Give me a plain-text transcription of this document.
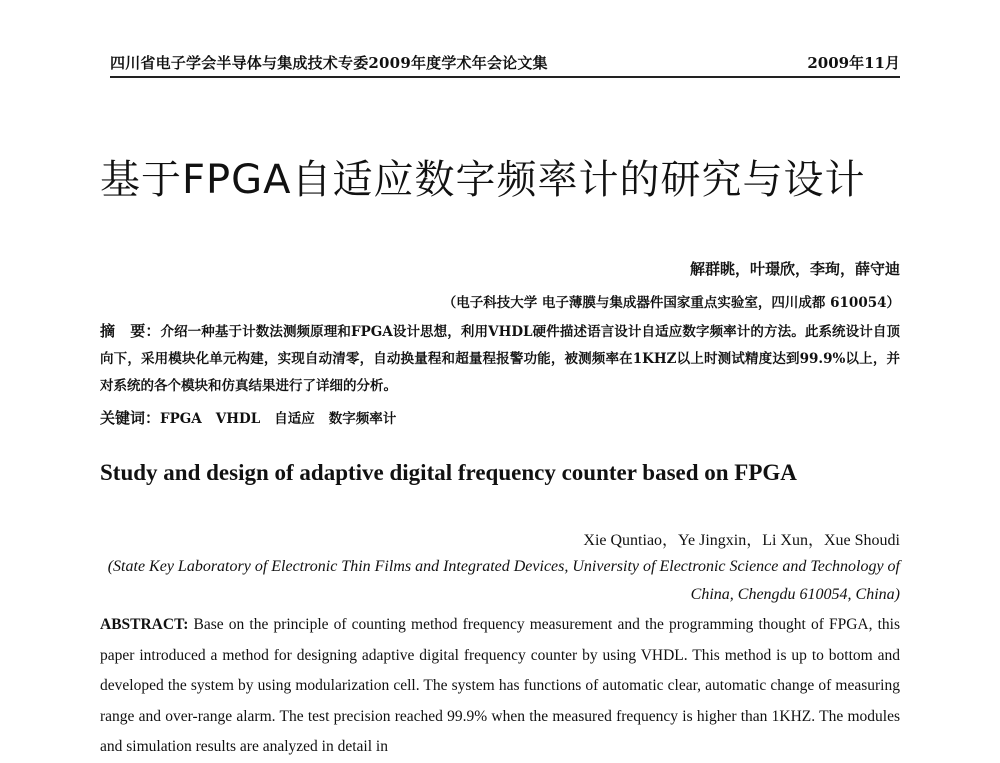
四川省电子学会半导体与集成技术专委2009年度学术年会论文集	2009年11月
基于FPGA自适应数字频率计的研究与设计
解群眺，叶璟欣，李珣，薛守迪
（电子科技大学 电子薄膜与集成器件国家重点实验室，四川成都 610054）
摘　要：介绍一种基于计数法测频原理和FPGA设计思想，利用VHDL硬件描述语言设计自适应数字频率计的方法。此系统设计自顶向下，采用模块化单元构建，实现自动清零，自动换量程和超量程报警功能，被测频率在1KHZ以上时测试精度达到99.9%以上，并对系统的各个模块和仿真结果进行了详细的分析。
关键词：FPGA VHDL 自适应 数字频率计
Study and design of adaptive digital frequency counter based on FPGA
Xie Quntiao，Ye Jingxin，Li Xun，Xue Shoudi
(State Key Laboratory of Electronic Thin Films and Integrated Devices, University of Electronic Science and Technology of China, Chengdu 610054, China)
ABSTRACT: Base on the principle of counting method frequency measurement and the programming thought of FPGA, this paper introduced a method for designing adaptive digital frequency counter by using VHDL. This method is up to bottom and developed the system by using modularization cell. The system has functions of automatic clear, automatic change of measuring range and over-range alarm. The test precision reached 99.9% when the measured frequency is higher than 1KHZ. The modules and simulation results are analyzed in detail in
